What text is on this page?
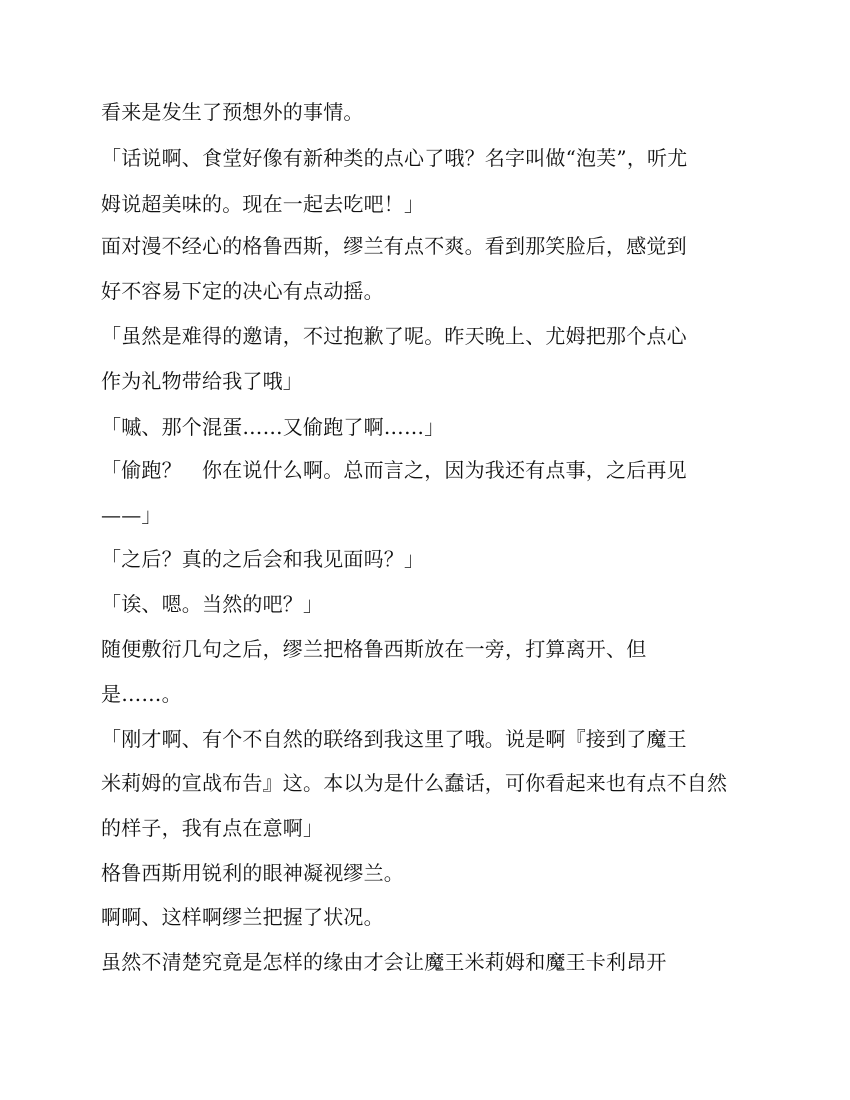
看来是发生了预想外的事情。

「话说啊、食堂好像有新种类的点心了哦？名字叫做“泡芙”，听尤

姆说超美味的。现在一起去吃吧！」

面对漫不经心的格鲁西斯，缪兰有点不爽。看到那笑脸后，感觉到

好不容易下定的决心有点动摇。

「虽然是难得的邀请，不过抱歉了呢。昨天晚上、尤姆把那个点心

作为礼物带给我了哦」

「嘁、那个混蛋……又偷跑了啊……」

「偷跑？　你在说什么啊。总而言之，因为我还有点事，之后再见

——」

「之后？真的之后会和我见面吗？」

「诶、嗯。当然的吧？」

随便敷衍几句之后，缪兰把格鲁西斯放在一旁，打算离开、但

是……。

「刚才啊、有个不自然的联络到我这里了哦。说是啊『接到了魔王

米莉姆的宣战布告』这。本以为是什么蠢话，可你看起来也有点不自然

的样子，我有点在意啊」

格鲁西斯用锐利的眼神凝视缪兰。

啊啊、这样啊缪兰把握了状况。

虽然不清楚究竟是怎样的缘由才会让魔王米莉姆和魔王卡利昂开
